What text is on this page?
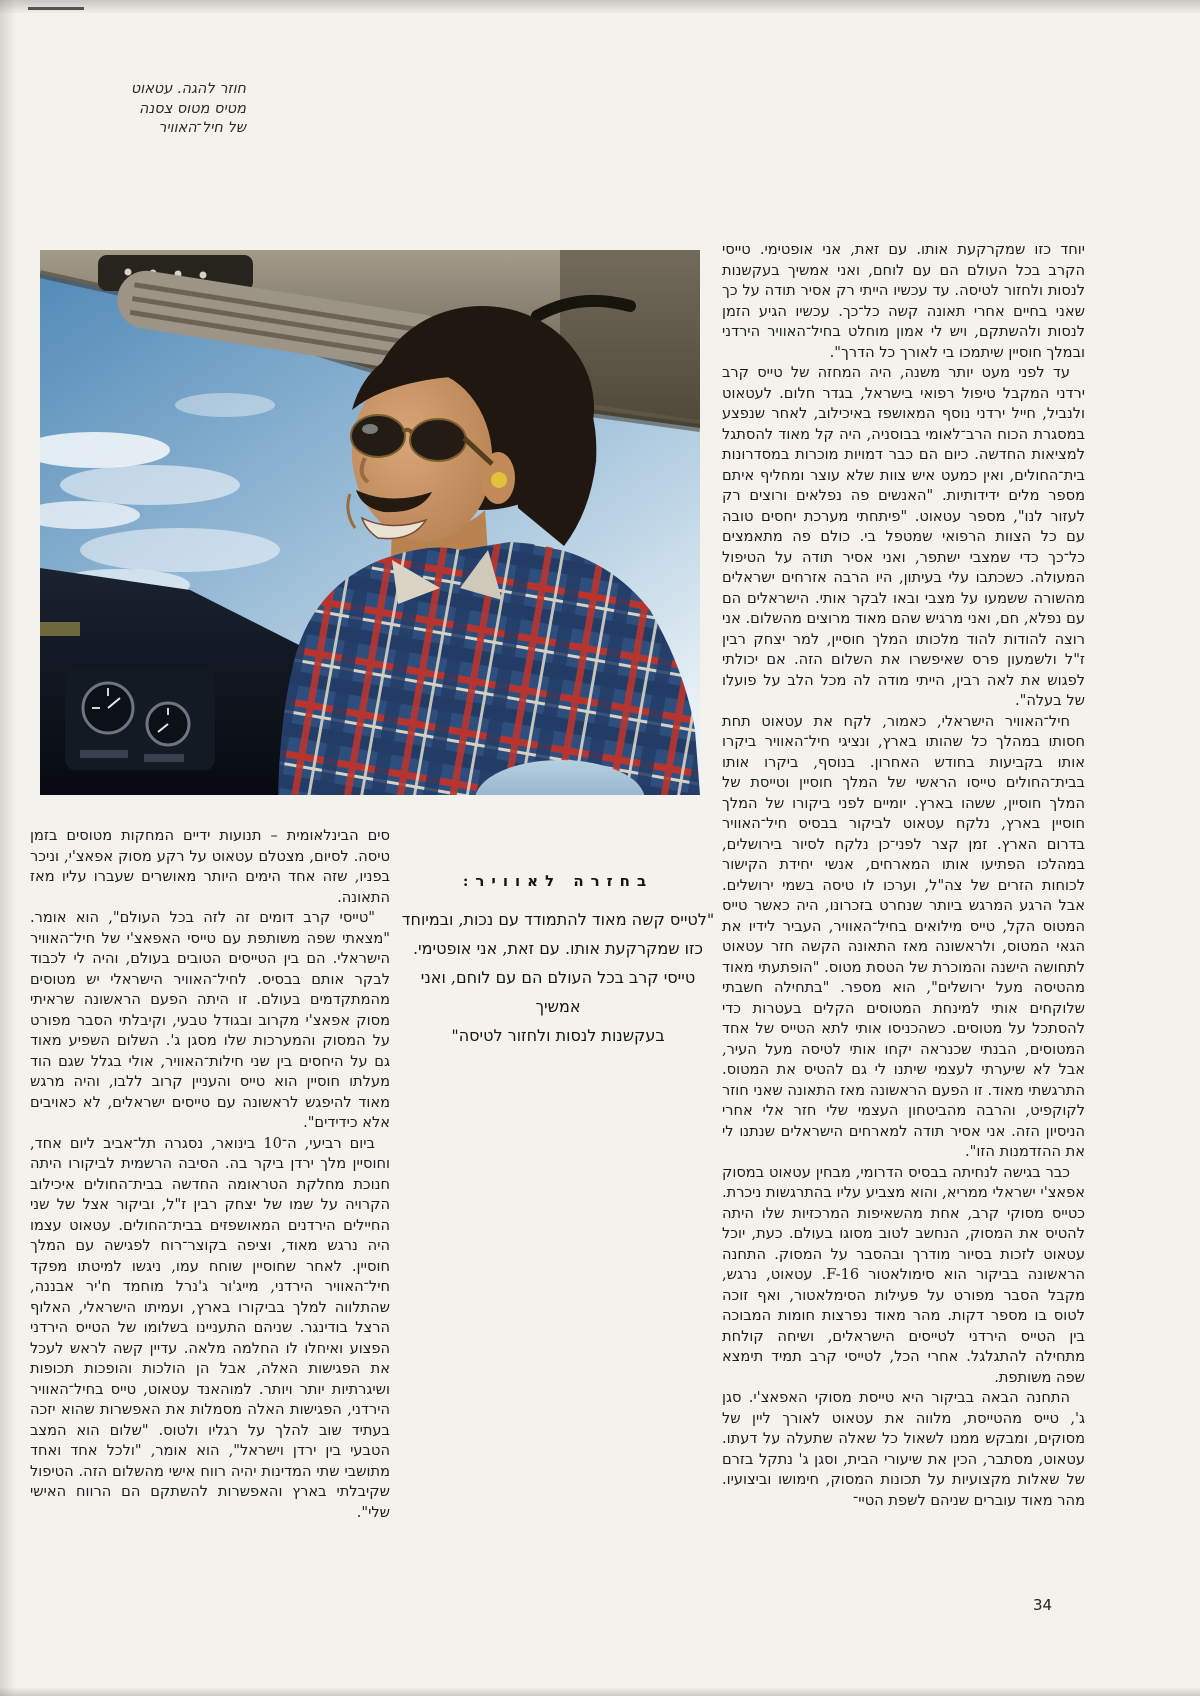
חוזר להגה. עטאוט
מטיס מטוס צסנה
של חיל־האוויר

יוחד כזו שמקרקעת אותו. עם זאת, אני אופטימי. טייסי הקרב בכל העולם הם עם לוחם, ואני אמשיך בעקשנות לנסות ולחזור לטיסה. עד עכשיו הייתי רק אסיר תודה על כך שאני בחיים אחרי תאונה קשה כל־כך. עכשיו הגיע הזמן לנסות ולהשתקם, ויש לי אמון מוחלט בחיל־האוויר הירדני ובמלך חוסיין שיתמכו בי לאורך כל הדרך".

עד לפני מעט יותר משנה, היה המחזה של טייס קרב ירדני המקבל טיפול רפואי בישראל, בגדר חלום. לעטאוט ולנביל, חייל ירדני נוסף המאושפז באיכילוב, לאחר שנפצע במסגרת הכוח הרב־לאומי בבוסניה, היה קל מאוד להסתגל למציאות החדשה. כיום הם כבר דמויות מוכרות במסדרונות בית־החולים, ואין כמעט איש צוות שלא עוצר ומחליף איתם מספר מלים ידידותיות. "האנשים פה נפלאים ורוצים רק לעזור לנו", מספר עטאוט. "פיתחתי מערכת יחסים טובה עם כל הצוות הרפואי שמטפל בי. כולם פה מתאמצים כל־כך כדי שמצבי ישתפר, ואני אסיר תודה על הטיפול המעולה. כשכתבו עלי בעיתון, היו הרבה אזרחים ישראלים מהשורה ששמעו על מצבי ובאו לבקר אותי. הישראלים הם עם נפלא, חם, ואני מרגיש שהם מאוד מרוצים מהשלום. אני רוצה להודות להוד מלכותו המלך חוסיין, למר יצחק רבין ז"ל ולשמעון פרס שאיפשרו את השלום הזה. אם יכולתי לפגוש את לאה רבין, הייתי מודה לה מכל הלב על פועלו של בעלה".

חיל־האוויר הישראלי, כאמור, לקח את עטאוט תחת חסותו במהלך כל שהותו בארץ, ונציגי חיל־האוויר ביקרו אותו בקביעות בחודש האחרון. בנוסף, ביקרו אותו בבית־החולים טייסו הראשי של המלך חוסיין וטייסת של המלך חוסיין, ששהו בארץ. יומיים לפני ביקורו של המלך חוסיין בארץ, נלקח עטאוט לביקור בבסיס חיל־האוויר בדרום הארץ. זמן קצר לפני־כן נלקח לסיור בירושלים, במהלכו הפתיעו אותו המארחים, אנשי יחידת הקישור לכוחות הזרים של צה"ל, וערכו לו טיסה בשמי ירושלים. אבל הרגע המרגש ביותר שנחרט בזכרונו, היה כאשר טייס המטוס הקל, טייס מילואים בחיל־האוויר, העביר לידיו את הגאי המטוס, ולראשונה מאז התאונה הקשה חזר עטאוט לתחושה הישנה והמוכרת של הטסת מטוס. "הופתעתי מאוד מהטיסה מעל ירושלים", הוא מספר. "בתחילה חשבתי שלוקחים אותי למינחת המטוסים הקלים בעטרות כדי להסתכל על מטוסים. כשהכניסו אותי לתא הטייס של אחד המטוסים, הבנתי שכנראה יקחו אותי לטיסה מעל העיר, אבל לא שיערתי לעצמי שיתנו לי גם להטיס את המטוס. התרגשתי מאוד. זו הפעם הראשונה מאז התאונה שאני חוזר לקוקפיט, והרבה מהביטחון העצמי שלי חזר אלי אחרי הניסיון הזה. אני אסיר תודה למארחים הישראלים שנתנו לי את ההזדמנות הזו".

כבר בגישה לנחיתה בבסיס הדרומי, מבחין עטאוט במסוק אפאצ'י ישראלי ממריא, והוא מצביע עליו בהתרגשות ניכרת. כטייס מסוקי קרב, אחת מהשאיפות המרכזיות שלו היתה להטיס את המסוק, הנחשב לטוב מסוגו בעולם. כעת, יוכל עטאוט לזכות בסיור מודרך ובהסבר על המסוק. התחנה הראשונה בביקור הוא סימולאטור F-16. עטאוט, נרגש, מקבל הסבר מפורט על פעילות הסימלאטור, ואף זוכה לטוס בו מספר דקות. מהר מאוד נפרצות חומות המבוכה בין הטייס הירדני לטייסים הישראלים, ושיחה קולחת מתחילה להתגלגל. אחרי הכל, לטייסי קרב תמיד תימצא שפה משותפת.

התחנה הבאה בביקור היא טייסת מסוקי האפאצ'י. סגן ג', טייס מהטייסת, מלווה את עטאוט לאורך ליין של מסוקים, ומבקש ממנו לשאול כל שאלה שתעלה על דעתו. עטאוט, מסתבר, הכין את שיעורי הבית, וסגן ג' נתקל בזרם של שאלות מקצועיות על תכונות המסוק, חימושו וביצועיו. מהר מאוד עוברים שניהם לשפת הטיי־

בחזרה לאוויר:
"לטייס קשה מאוד להתמודד עם נכות, ובמיוחד
כזו שמקרקעת אותו. עם זאת, אני אופטימי.
טייסי קרב בכל העולם הם עם לוחם, ואני אמשיך
בעקשנות לנסות ולחזור לטיסה"

סים הבינלאומית – תנועות ידיים המחקות מטוסים בזמן טיסה. לסיום, מצטלם עטאוט על רקע מסוק אפאצ'י, וניכר בפניו, שזה אחד הימים היותר מאושרים שעברו עליו מאז התאונה.

"טייסי קרב דומים זה לזה בכל העולם", הוא אומר. "מצאתי שפה משותפת עם טייסי האפאצ'י של חיל־האוויר הישראלי. הם בין הטייסים הטובים בעולם, והיה לי לכבוד לבקר אותם בבסיס. לחיל־האוויר הישראלי יש מטוסים מהמתקדמים בעולם. זו היתה הפעם הראשונה שראיתי מסוק אפאצ'י מקרוב ובגודל טבעי, וקיבלתי הסבר מפורט על המסוק והמערכות שלו מסגן ג'. השלום השפיע מאוד גם על היחסים בין שני חילות־האוויר, אולי בגלל שגם הוד מעלתו חוסיין הוא טייס והעניין קרוב ללבו, והיה מרגש מאוד להיפגש לראשונה עם טייסים ישראלים, לא כאויבים אלא כידידים".

ביום רביעי, ה־10 בינואר, נסגרה תל־אביב ליום אחד, וחוסיין מלך ירדן ביקר בה. הסיבה הרשמית לביקורו היתה חנוכת מחלקת הטראומה החדשה בבית־החולים איכילוב הקרויה על שמו של יצחק רבין ז"ל, וביקור אצל של שני החיילים הירדנים המאושפזים בבית־החולים. עטאוט עצמו היה נרגש מאוד, וציפה בקוצר־רוח לפגישה עם המלך חוסיין. לאחר שחוסיין שוחח עמו, ניגשו למיטתו מפקד חיל־האוויר הירדני, מייג'ור ג'נרל מוחמד ח'יר אבננה, שהתלווה למלך בביקורו בארץ, ועמיתו הישראלי, האלוף הרצל בודינגר. שניהם התעניינו בשלומו של הטייס הירדני הפצוע ואיחלו לו החלמה מלאה. עדיין קשה לראש לעכל את הפגישות האלה, אבל הן הולכות והופכות תכופות ושיגרתיות יותר ויותר. למוהאנד עטאוט, טייס בחיל־האוויר הירדני, הפגישות האלה מסמלות את האפשרות שהוא יזכה בעתיד שוב להלך על רגליו ולטוס. "שלום הוא המצב הטבעי בין ירדן וישראל", הוא אומר, "ולכל אחד ואחד מתושבי שתי המדינות יהיה רווח אישי מהשלום הזה. הטיפול שקיבלתי בארץ והאפשרות להשתקם הם הרווח האישי שלי".

34
